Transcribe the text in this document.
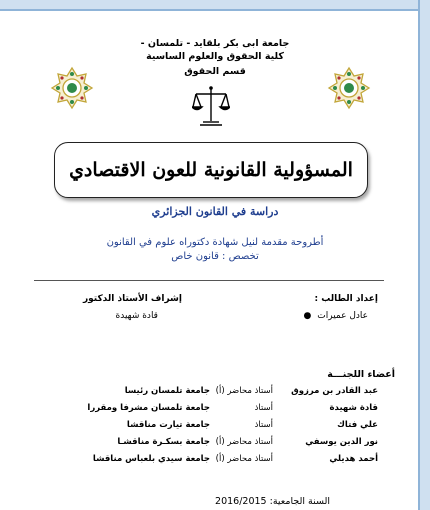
جامعة ابى بكر بلقايد - تلمسان -
كلية الحقوق والعلوم الساسية
قسم الحقوق
المسؤولية القانونية للعون الاقتصادي
دراسة في القانون الجزائري
أطروحة مقدمة لنيل شهادة دكتوراه علوم في القانون
تخصص : قانون خاص
إعداد الطالب :
إشراف الأستاذ الدكتور
عادل عميرات ●
قادة شهيدة
أعضاء اللجنـــة
عبد القادر بن مرزوق
أستاذ محاضر (أ)
جامعة تلمسان رئيسا
قادة شهيدة
أستاذ
جامعة تلمسان مشرفا ومقررا
علي فتاك
أستاذ
جامعة تيارت مناقشا
نور الدين يوسفي
أستاذ محاضر (أ)
جامعة بسكـرة مناقشـا
أحمد هديلي
أستاذ محاضر (أ)
جامعة سيدي بلعباس مناقشا
السنة الجامعية: 2016/2015
